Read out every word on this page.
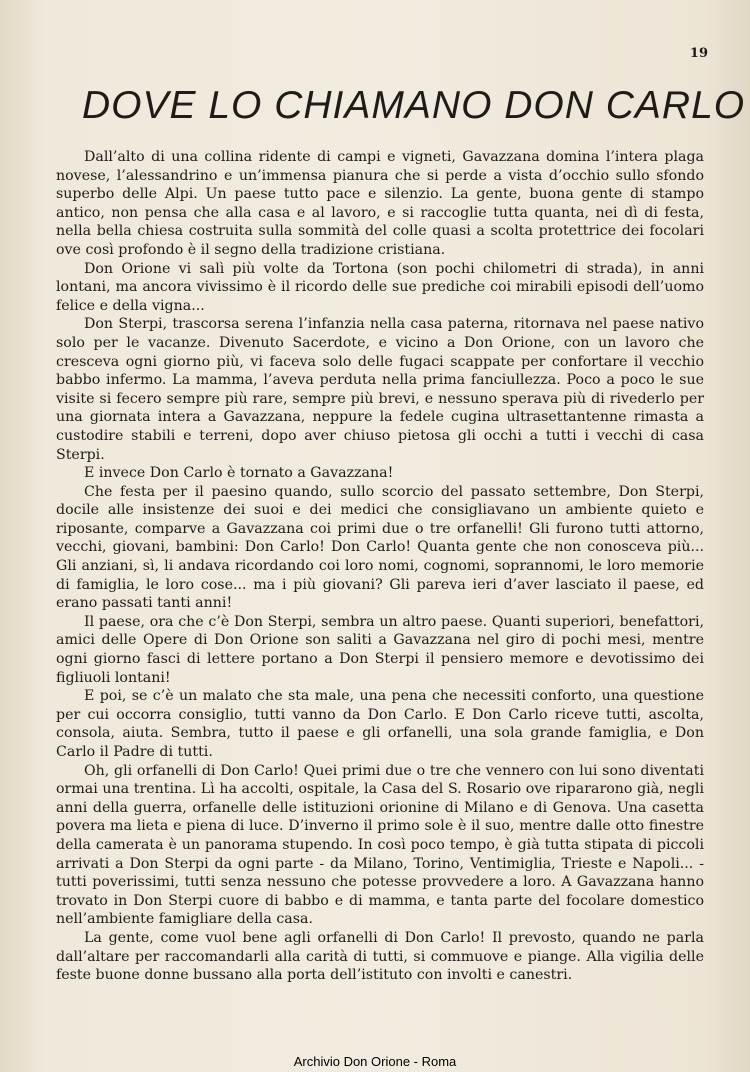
19
DOVE LO CHIAMANO DON CARLO

Dall’alto di una collina ridente di campi e vigneti, Gavazzana domina l’intera plaga novese, l’alessandrino e un’immensa pianura che si perde a vista d’occhio sullo sfondo superbo delle Alpi. Un paese tutto pace e silenzio. La gente, buona gente di stampo antico, non pensa che alla casa e al lavoro, e si raccoglie tutta quanta, nei dì di festa, nella bella chiesa costruita sulla sommità del colle quasi a scolta protettrice dei focolari ove così profondo è il segno della tradizione cristiana.

Don Orione vi salì più volte da Tortona (son pochi chilometri di strada), in anni lontani, ma ancora vivissimo è il ricordo delle sue prediche coi mirabili episodi dell’uomo felice e della vigna...

Don Sterpi, trascorsa serena l’infanzia nella casa paterna, ritornava nel paese nativo solo per le vacanze. Divenuto Sacerdote, e vicino a Don Orione, con un lavoro che cresceva ogni giorno più, vi faceva solo delle fugaci scappate per confortare il vecchio babbo infermo. La mamma, l’aveva perduta nella prima fanciullezza. Poco a poco le sue visite si fecero sempre più rare, sempre più brevi, e nessuno sperava più di rivederlo per una giornata intera a Gavazzana, neppure la fedele cugina ultrasettantenne rimasta a custodire stabili e terreni, dopo aver chiuso pietosa gli occhi a tutti i vecchi di casa Sterpi.

E invece Don Carlo è tornato a Gavazzana!

Che festa per il paesino quando, sullo scorcio del passato settembre, Don Sterpi, docile alle insistenze dei suoi e dei medici che consigliavano un ambiente quieto e riposante, comparve a Gavazzana coi primi due o tre orfanelli! Gli furono tutti attorno, vecchi, giovani, bambini: Don Carlo! Don Carlo! Quanta gente che non conosceva più... Gli anziani, sì, li andava ricordando coi loro nomi, cognomi, soprannomi, le loro memorie di famiglia, le loro cose... ma i più giovani? Gli pareva ieri d’aver lasciato il paese, ed erano passati tanti anni!

Il paese, ora che c’è Don Sterpi, sembra un altro paese. Quanti superiori, benefattori, amici delle Opere di Don Orione son saliti a Gavazzana nel giro di pochi mesi, mentre ogni giorno fasci di lettere portano a Don Sterpi il pensiero memore e devotissimo dei figliuoli lontani!

E poi, se c’è un malato che sta male, una pena che necessiti conforto, una questione per cui occorra consiglio, tutti vanno da Don Carlo. E Don Carlo riceve tutti, ascolta, consola, aiuta. Sembra, tutto il paese e gli orfanelli, una sola grande famiglia, e Don Carlo il Padre di tutti.

Oh, gli orfanelli di Don Carlo! Quei primi due o tre che vennero con lui sono diventati ormai una trentina. Lì ha accolti, ospitale, la Casa del S. Rosario ove ripararono già, negli anni della guerra, orfanelle delle istituzioni orionine di Milano e di Genova. Una casetta povera ma lieta e piena di luce. D’inverno il primo sole è il suo, mentre dalle otto finestre della camerata è un panorama stupendo. In così poco tempo, è già tutta stipata di piccoli arrivati a Don Sterpi da ogni parte - da Milano, Torino, Ventimiglia, Trieste e Napoli... - tutti poverissimi, tutti senza nessuno che potesse provvedere a loro. A Gavazzana hanno trovato in Don Sterpi cuore di babbo e di mamma, e tanta parte del focolare domestico nell’ambiente famigliare della casa.

La gente, come vuol bene agli orfanelli di Don Carlo! Il prevosto, quando ne parla dall’altare per raccomandarli alla carità di tutti, si commuove e piange. Alla vigilia delle feste buone donne bussano alla porta dell’istituto con involti e canestri.

Archivio Don Orione - Roma
